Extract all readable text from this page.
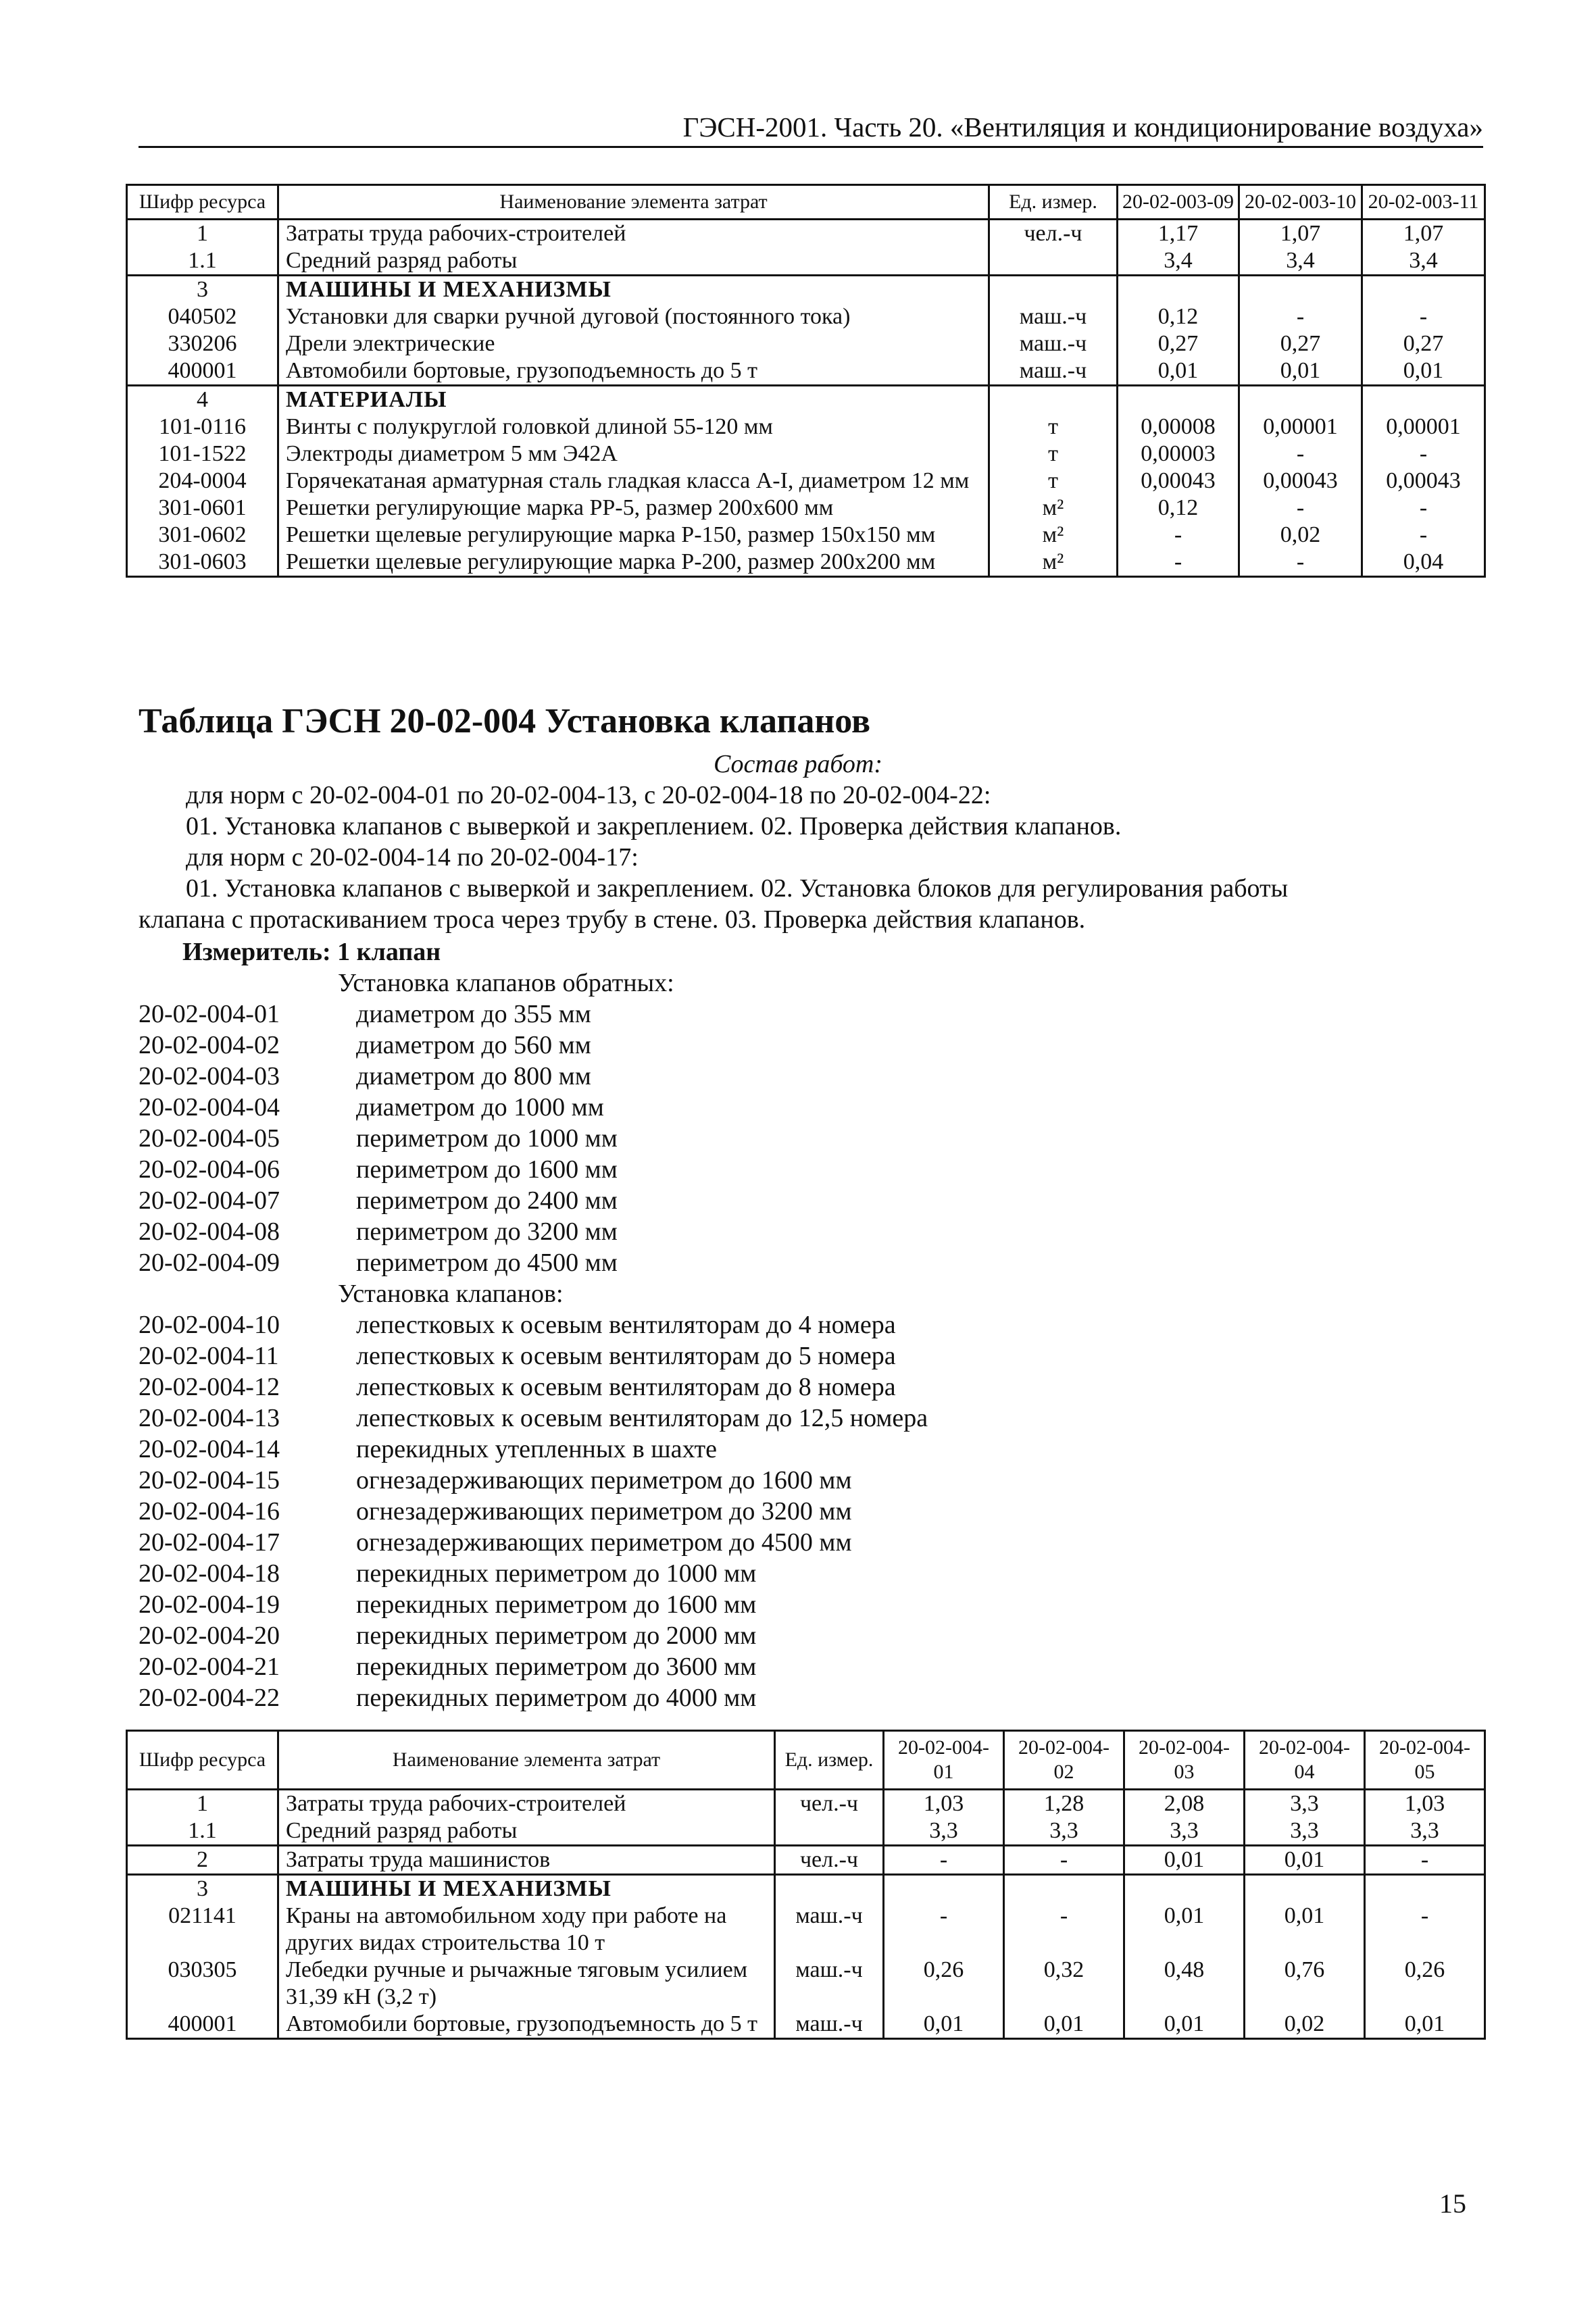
ГЭСН-2001. Часть 20. «Вентиляция и кондиционирование воздуха»
Шифр ресурса	Наименование элемента затрат	Ед. измер.	20-02-003-09	20-02-003-10	20-02-003-11
1	Затраты труда рабочих-строителей	чел.-ч	1,17	1,07	1,07
1.1	Средний разряд работы		3,4	3,4	3,4
3	МАШИНЫ И МЕХАНИЗМЫ				
040502	Установки для сварки ручной дуговой (постоянного тока)	маш.-ч	0,12	-	-
330206	Дрели электрические	маш.-ч	0,27	0,27	0,27
400001	Автомобили бортовые, грузоподъемность до 5 т	маш.-ч	0,01	0,01	0,01
4	МАТЕРИАЛЫ				
101-0116	Винты с полукруглой головкой длиной 55-120 мм	т	0,00008	0,00001	0,00001
101-1522	Электроды диаметром 5 мм Э42А	т	0,00003	-	-
204-0004	Горячекатаная арматурная сталь гладкая класса А-I, диаметром 12 мм	т	0,00043	0,00043	0,00043
301-0601	Решетки регулирующие марка РР-5, размер 200х600 мм	м²	0,12	-	-
301-0602	Решетки щелевые регулирующие марка Р-150, размер 150х150 мм	м²	-	0,02	-
301-0603	Решетки щелевые регулирующие марка Р-200, размер 200х200 мм	м²	-	-	0,04
Таблица ГЭСН 20-02-004 Установка клапанов
Состав работ:

для норм с 20-02-004-01 по 20-02-004-13, с 20-02-004-18 по 20-02-004-22:

01. Установка клапанов с выверкой и закреплением. 02. Проверка действия клапанов.

для норм с 20-02-004-14 по 20-02-004-17:

01. Установка клапанов с выверкой и закреплением. 02. Установка блоков для регулирования работы

клапана с протаскиванием троса через трубу в стене. 03. Проверка действия клапанов.

Измеритель: 1 клапан
Установка клапанов обратных:
20-02-004-01	диаметром до 355 мм
20-02-004-02	диаметром до 560 мм
20-02-004-03	диаметром до 800 мм
20-02-004-04	диаметром до 1000 мм
20-02-004-05	периметром до 1000 мм
20-02-004-06	периметром до 1600 мм
20-02-004-07	периметром до 2400 мм
20-02-004-08	периметром до 3200 мм
20-02-004-09	периметром до 4500 мм
Установка клапанов:
20-02-004-10	лепестковых к осевым вентиляторам до 4 номера
20-02-004-11	лепестковых к осевым вентиляторам до 5 номера
20-02-004-12	лепестковых к осевым вентиляторам до 8 номера
20-02-004-13	лепестковых к осевым вентиляторам до 12,5 номера
20-02-004-14	перекидных утепленных в шахте
20-02-004-15	огнезадерживающих периметром до 1600 мм
20-02-004-16	огнезадерживающих периметром до 3200 мм
20-02-004-17	огнезадерживающих периметром до 4500 мм
20-02-004-18	перекидных периметром до 1000 мм
20-02-004-19	перекидных периметром до 1600 мм
20-02-004-20	перекидных периметром до 2000 мм
20-02-004-21	перекидных периметром до 3600 мм
20-02-004-22	перекидных периметром до 4000 мм
Шифр ресурса	Наименование элемента затрат	Ед. измер.	20-02-004-01	20-02-004-02	20-02-004-03	20-02-004-04	20-02-004-05
1	Затраты труда рабочих-строителей	чел.-ч	1,03	1,28	2,08	3,3	1,03
1.1	Средний разряд работы		3,3	3,3	3,3	3,3	3,3
2	Затраты труда машинистов	чел.-ч	-	-	0,01	0,01	-
3	МАШИНЫ И МЕХАНИЗМЫ						
021141	Краны на автомобильном ходу при работе на других видах строительства 10 т	маш.-ч	-	-	0,01	0,01	-
030305	Лебедки ручные и рычажные тяговым усилием 31,39 кН (3,2 т)	маш.-ч	0,26	0,32	0,48	0,76	0,26
400001	Автомобили бортовые, грузоподъемность до 5 т	маш.-ч	0,01	0,01	0,01	0,02	0,01
15
